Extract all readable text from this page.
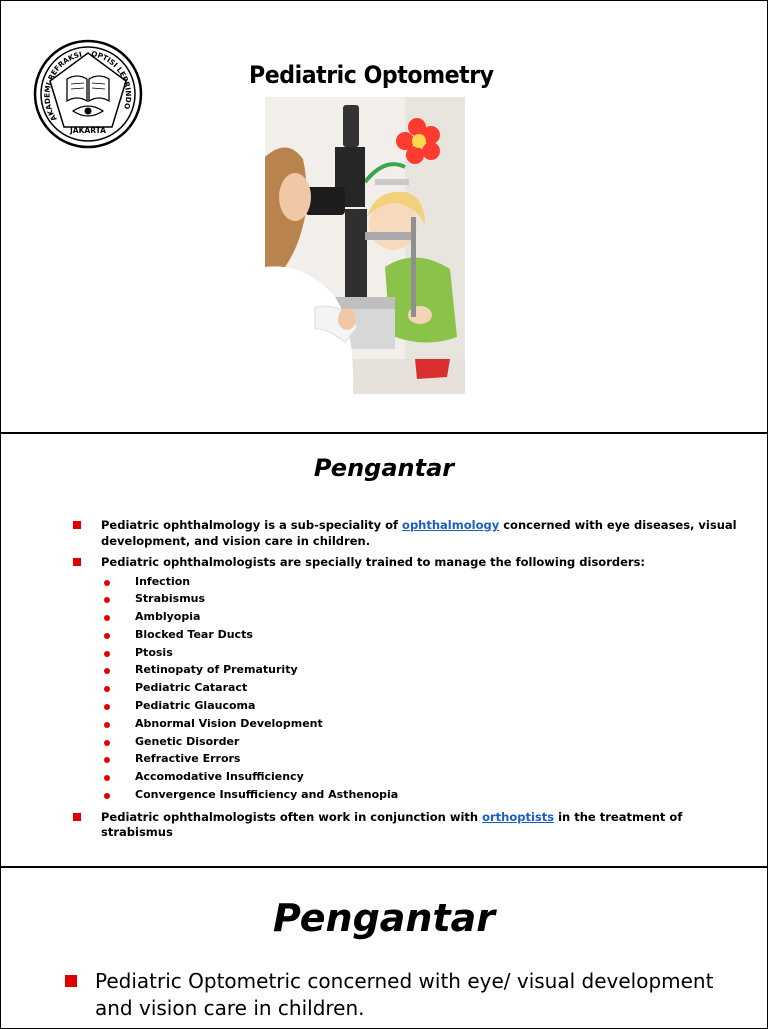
AKADEMI REFRAKSI OPTISI LEPRINDO
JAKARTA
Pediatric Optometry
Pengantar
Pediatric ophthalmology is a sub-speciality of ophthalmology concerned with eye diseases, visual development, and vision care in children.
Pediatric ophthalmologists are specially trained to manage the following disorders:
Infection
Strabismus
Amblyopia
Blocked Tear Ducts
Ptosis
Retinopaty of Prematurity
Pediatric Cataract
Pediatric Glaucoma
Abnormal Vision Development
Genetic Disorder
Refractive Errors
Accomodative Insufficiency
Convergence Insufficiency and Asthenopia
Pediatric ophthalmologists often work in conjunction with orthoptists in the treatment of strabismus
Pengantar
Pediatric Optometric concerned with eye/ visual development and vision care in children.
